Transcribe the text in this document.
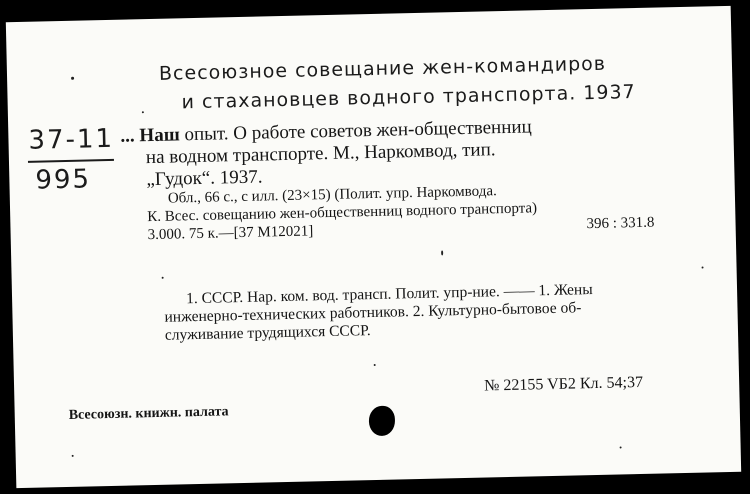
Всесоюзное совещание жен-командиров
и стахановцев водного транспорта. 1937
37-11
995
... Наш опыт. О работе советов жен-общественниц
на водном транспорте. М., Наркомвод, тип.
„Гудок“. 1937.
Обл., 66 с., с илл. (23×15) (Полит. упр. Наркомвода.
К. Всес. совещанию жен-общественниц водного транспорта)	396 : 331.8
3.000. 75 к.—[37 М12021]
1. СССР. Нар. ком. вод. трансп. Полит. упр-ние. —— 1. Жены
инженерно-технических работников. 2. Культурно-бытовое об-
служивание трудящихся СССР.
Всесоюзн. книжн. палата
№ 22155 VБ2 Кл. 54;37
